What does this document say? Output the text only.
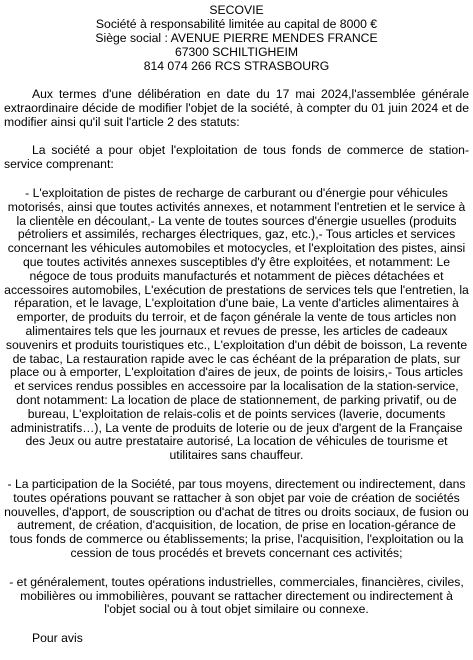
SECOVIE
Société à responsabilité limitée au capital de 8000 €
Siège social : AVENUE PIERRE MENDES FRANCE
67300 SCHILTIGHEIM
814 074 266 RCS STRASBOURG

Aux termes d'une délibération en date du 17 mai 2024,l'assemblée générale extraordinaire décide de modifier l'objet de la société, à compter du 01 juin 2024 et de modifier ainsi qu'il suit l'article 2 des statuts:

La société a pour objet l'exploitation de tous fonds de commerce de station-service comprenant:

- L'exploitation de pistes de recharge de carburant ou d'énergie pour véhicules motorisés, ainsi que toutes activités annexes, et notamment l'entretien et le service à la clientèle en découlant,- La vente de toutes sources d'énergie usuelles (produits pétroliers et assimilés, recharges électriques, gaz, etc.),- Tous articles et services concernant les véhicules automobiles et motocycles, et l'exploitation des pistes, ainsi que toutes activités annexes susceptibles d'y être exploitées, et notamment: Le négoce de tous produits manufacturés et notamment de pièces détachées et accessoires automobiles, L'exécution de prestations de services tels que l'entretien, la réparation, et le lavage, L'exploitation d'une baie, La vente d'articles alimentaires à emporter, de produits du terroir, et de façon générale la vente de tous articles non alimentaires tels que les journaux et revues de presse, les articles de cadeaux souvenirs et produits touristiques etc., L'exploitation d'un débit de boisson, La revente de tabac, La restauration rapide avec le cas échéant de la préparation de plats, sur place ou à emporter, L'exploitation d'aires de jeux, de points de loisirs,- Tous articles et services rendus possibles en accessoire par la localisation de la station-service, dont notamment: La location de place de stationnement, de parking privatif, ou de bureau, L'exploitation de relais-colis et de points services (laverie, documents administratifs…), La vente de produits de loterie ou de jeux d'argent de la Française des Jeux ou autre prestataire autorisé, La location de véhicules de tourisme et utilitaires sans chauffeur.

- La participation de la Société, par tous moyens, directement ou indirectement, dans toutes opérations pouvant se rattacher à son objet par voie de création de sociétés nouvelles, d'apport, de souscription ou d'achat de titres ou droits sociaux, de fusion ou autrement, de création, d'acquisition, de location, de prise en location-gérance de tous fonds de commerce ou établissements; la prise, l'acquisition, l'exploitation ou la cession de tous procédés et brevets concernant ces activités;

- et généralement, toutes opérations industrielles, commerciales, financières, civiles, mobilières ou immobilières, pouvant se rattacher directement ou indirectement à l'objet social ou à tout objet similaire ou connexe.

Pour avis
